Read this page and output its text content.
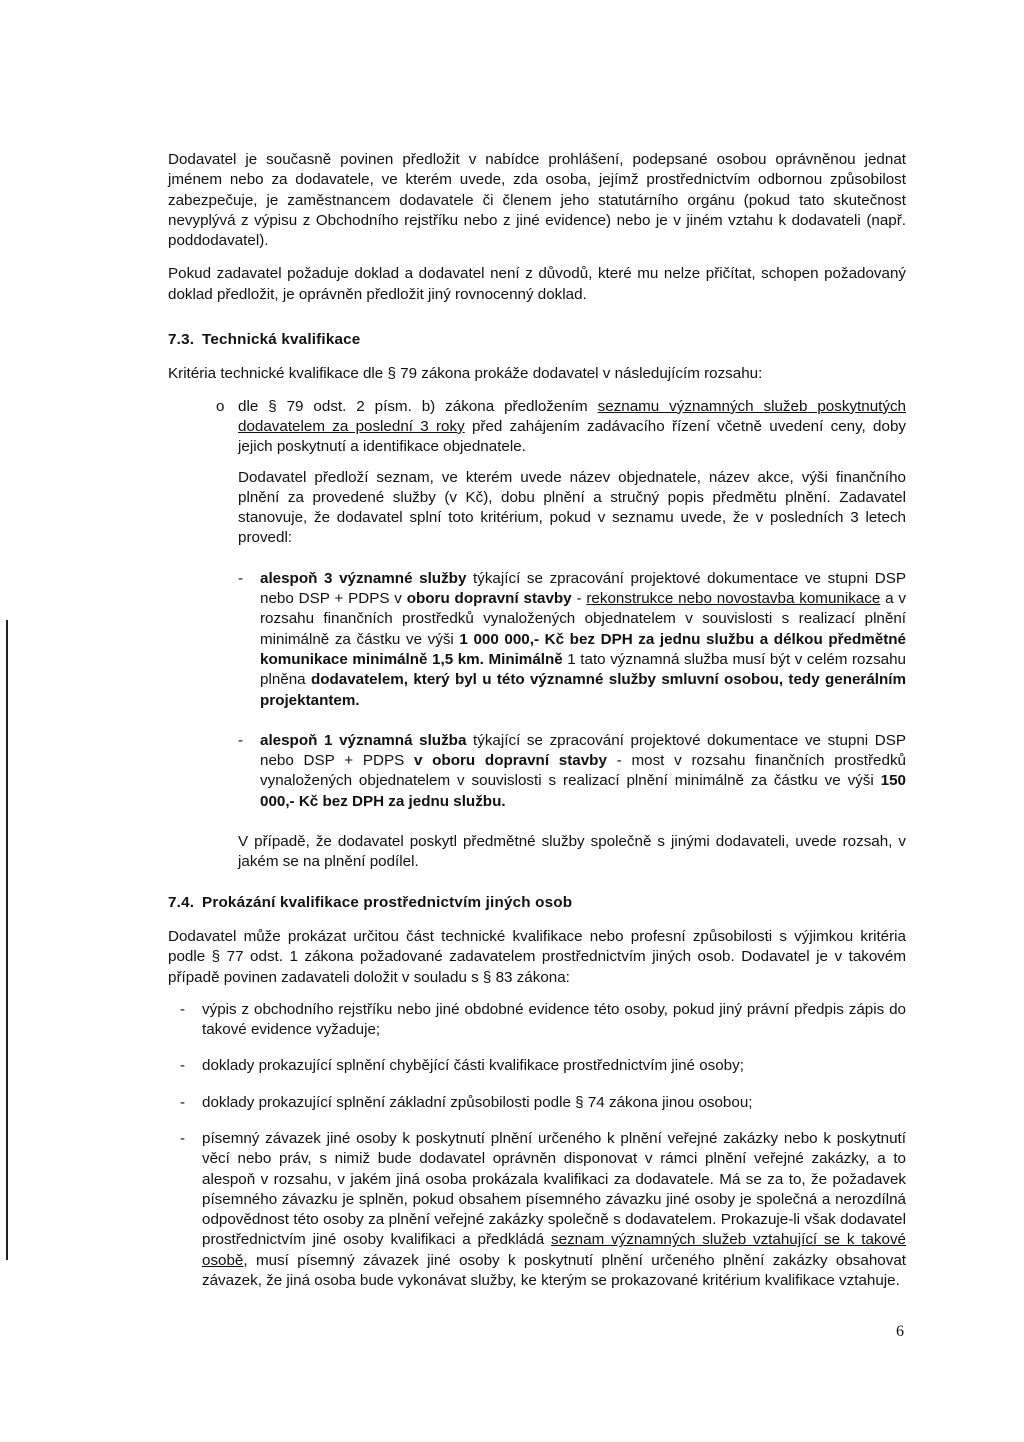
Dodavatel je současně povinen předložit v nabídce prohlášení, podepsané osobou oprávněnou jednat jménem nebo za dodavatele, ve kterém uvede, zda osoba, jejímž prostřednictvím odbornou způsobilost zabezpečuje, je zaměstnancem dodavatele či členem jeho statutárního orgánu (pokud tato skutečnost nevyplývá z výpisu z Obchodního rejstříku nebo z jiné evidence) nebo je v jiném vztahu k dodavateli (např. poddodavatel).

Pokud zadavatel požaduje doklad a dodavatel není z důvodů, které mu nelze přičítat, schopen požadovaný doklad předložit, je oprávněn předložit jiný rovnocenný doklad.

7.3. Technická kvalifikace

Kritéria technické kvalifikace dle § 79 zákona prokáže dodavatel v následujícím rozsahu:

o dle § 79 odst. 2 písm. b) zákona předložením seznamu významných služeb poskytnutých dodavatelem za poslední 3 roky před zahájením zadávacího řízení včetně uvedení ceny, doby jejich poskytnutí a identifikace objednatele.

Dodavatel předloží seznam, ve kterém uvede název objednatele, název akce, výši finančního plnění za provedené služby (v Kč), dobu plnění a stručný popis předmětu plnění. Zadavatel stanovuje, že dodavatel splní toto kritérium, pokud v seznamu uvede, že v posledních 3 letech provedl:

- alespoň 3 významné služby týkající se zpracování projektové dokumentace ve stupni DSP nebo DSP + PDPS v oboru dopravní stavby - rekonstrukce nebo novostavba komunikace a v rozsahu finančních prostředků vynaložených objednatelem v souvislosti s realizací plnění minimálně za částku ve výši 1 000 000,- Kč bez DPH za jednu službu a délkou předmětné komunikace minimálně 1,5 km. Minimálně 1 tato významná služba musí být v celém rozsahu plněna dodavatelem, který byl u této významné služby smluvní osobou, tedy generálním projektantem.
- alespoň 1 významná služba týkající se zpracování projektové dokumentace ve stupni DSP nebo DSP + PDPS v oboru dopravní stavby - most v rozsahu finančních prostředků vynaložených objednatelem v souvislosti s realizací plnění minimálně za částku ve výši 150 000,- Kč bez DPH za jednu službu.

V případě, že dodavatel poskytl předmětné služby společně s jinými dodavateli, uvede rozsah, v jakém se na plnění podílel.

7.4. Prokázání kvalifikace prostřednictvím jiných osob

Dodavatel může prokázat určitou část technické kvalifikace nebo profesní způsobilosti s výjimkou kritéria podle § 77 odst. 1 zákona požadované zadavatelem prostřednictvím jiných osob. Dodavatel je v takovém případě povinen zadavateli doložit v souladu s § 83 zákona:

- výpis z obchodního rejstříku nebo jiné obdobné evidence této osoby, pokud jiný právní předpis zápis do takové evidence vyžaduje;
- doklady prokazující splnění chybějící části kvalifikace prostřednictvím jiné osoby;
- doklady prokazující splnění základní způsobilosti podle § 74 zákona jinou osobou;
- písemný závazek jiné osoby k poskytnutí plnění určeného k plnění veřejné zakázky nebo k poskytnutí věcí nebo práv, s nimiž bude dodavatel oprávněn disponovat v rámci plnění veřejné zakázky, a to alespoň v rozsahu, v jakém jiná osoba prokázala kvalifikaci za dodavatele. Má se za to, že požadavek písemného závazku je splněn, pokud obsahem písemného závazku jiné osoby je společná a nerozdílná odpovědnost této osoby za plnění veřejné zakázky společně s dodavatelem. Prokazuje-li však dodavatel prostřednictvím jiné osoby kvalifikaci a předkládá seznam významných služeb vztahující se k takové osobě, musí písemný závazek jiné osoby k poskytnutí plnění určeného plnění zakázky obsahovat závazek, že jiná osoba bude vykonávat služby, ke kterým se prokazované kritérium kvalifikace vztahuje.
6
